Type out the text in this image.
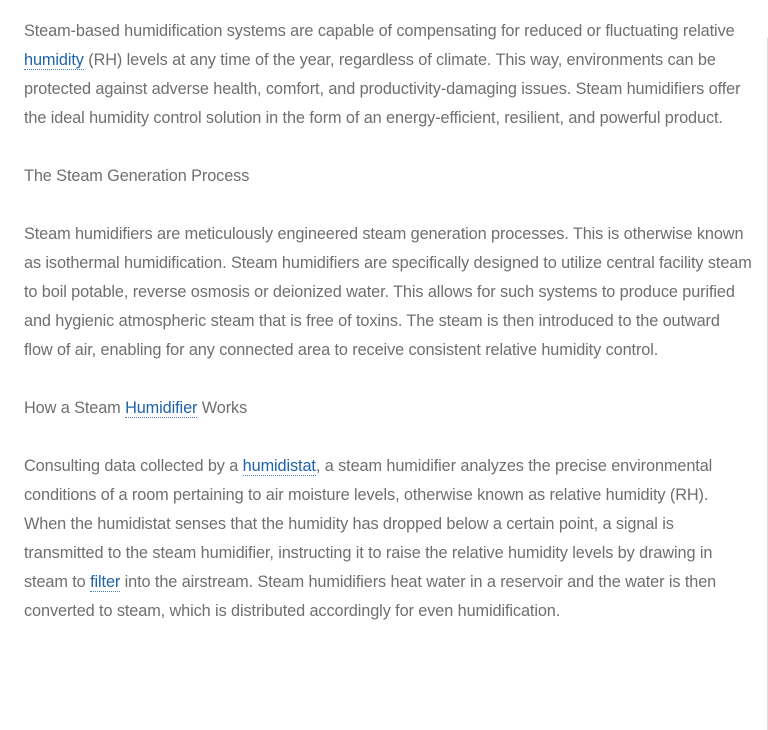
Steam-based humidification systems are capable of compensating for reduced or fluctuating relative humidity (RH) levels at any time of the year, regardless of climate. This way, environments can be protected against adverse health, comfort, and productivity-damaging issues. Steam humidifiers offer the ideal humidity control solution in the form of an energy-efficient, resilient, and powerful product.

The Steam Generation Process

Steam humidifiers are meticulously engineered steam generation processes. This is otherwise known as isothermal humidification. Steam humidifiers are specifically designed to utilize central facility steam to boil potable, reverse osmosis or deionized water. This allows for such systems to produce purified and hygienic atmospheric steam that is free of toxins. The steam is then introduced to the outward flow of air, enabling for any connected area to receive consistent relative humidity control.

How a Steam Humidifier Works

Consulting data collected by a humidistat, a steam humidifier analyzes the precise environmental conditions of a room pertaining to air moisture levels, otherwise known as relative humidity (RH). When the humidistat senses that the humidity has dropped below a certain point, a signal is transmitted to the steam humidifier, instructing it to raise the relative humidity levels by drawing in steam to filter into the airstream. Steam humidifiers heat water in a reservoir and the water is then converted to steam, which is distributed accordingly for even humidification.
